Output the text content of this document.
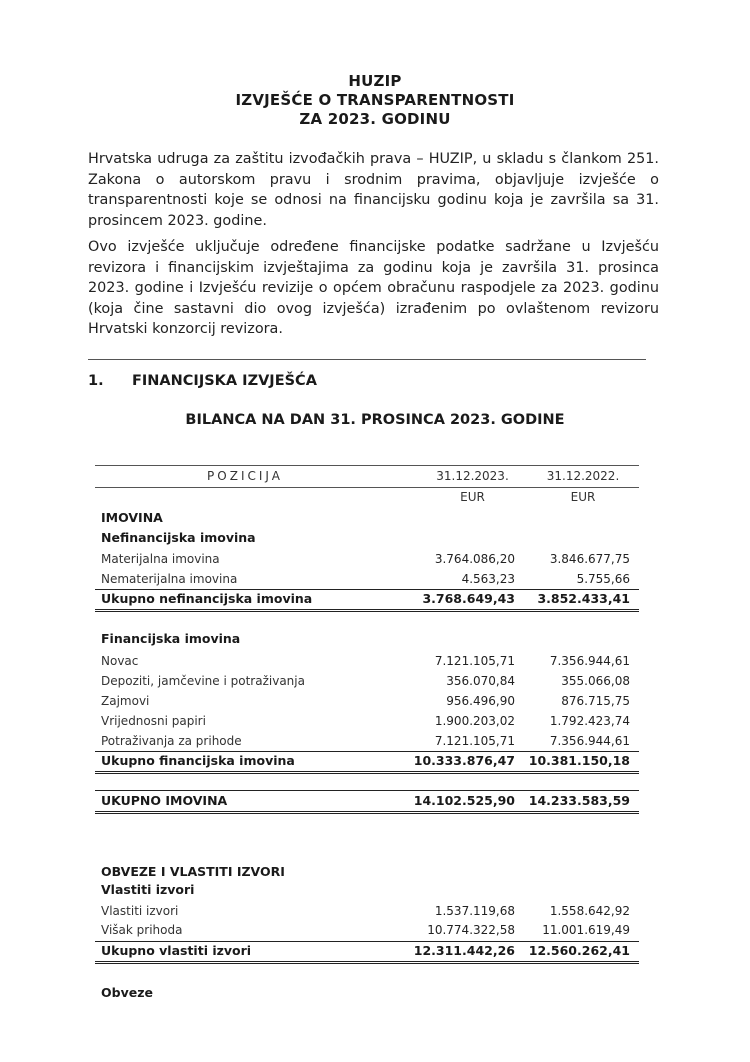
HUZIP
IZVJEŠĆE O TRANSPARENTNOSTI
ZA 2023. GODINU
Hrvatska udruga za zaštitu izvođačkih prava – HUZIP, u skladu s člankom 251. Zakona o autorskom pravu i srodnim pravima, objavljuje izvješće o transparentnosti koje se odnosi na financijsku godinu koja je završila sa 31. prosincem 2023. godine.
Ovo izvješće uključuje određene financijske podatke sadržane u Izvješću revizora i financijskim izvještajima za godinu koja je završila 31. prosinca 2023. godine i Izvješću revizije o općem obračunu raspodjele za 2023. godinu (koja čine sastavni dio ovog izvješća) izrađenim po ovlaštenom revizoru Hrvatski konzorcij revizora.
1. FINANCIJSKA IZVJEŠĆA
BILANCA NA DAN 31. PROSINCA 2023. GODINE
POZICIJA	31.12.2023.	31.12.2022.
EUR	EUR
IMOVINA
Nefinancijska imovina
Materijalna imovina	3.764.086,20	3.846.677,75
Nematerijalna imovina	4.563,23	5.755,66
Ukupno nefinancijska imovina	3.768.649,43	3.852.433,41
Financijska imovina
Novac	7.121.105,71	7.356.944,61
Depoziti, jamčevine i potraživanja	356.070,84	355.066,08
Zajmovi	956.496,90	876.715,75
Vrijednosni papiri	1.900.203,02	1.792.423,74
Potraživanja za prihode	7.121.105,71	7.356.944,61
Ukupno financijska imovina	10.333.876,47 10.381.150,18
UKUPNO IMOVINA	14.102.525,90 14.233.583,59
OBVEZE I VLASTITI IZVORI
Vlastiti izvori
Vlastiti izvori	1.537.119,68	1.558.642,92
Višak prihoda	10.774.322,58	11.001.619,49
Ukupno vlastiti izvori	12.311.442,26 12.560.262,41
Obveze
